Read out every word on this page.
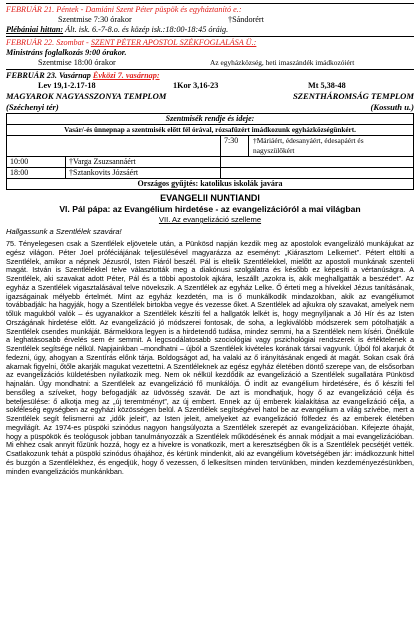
FEBRUÁR 21. Péntek - Damiáni Szent Péter püspök és egyháztanító e.:
Szentmise 7:30 órakor	†Sándorért
Plébániai hittan: Ált. isk. 6.-7-8.o. és közép isk.:18:00-18:45 óráig.
FEBRUÁR 22. Szombat - SZENT PÉTER APOSTOL SZÉKFOGLALÁSA Ü.:
Ministráns foglalkozás 9:00 órakor.
Szentmise 18:00 órakor	Az egyházközség, heti imaszándék imádkozóiért
FEBRUÁR 23. Vasárnap Évközi 7. vasárnap:
Lev 19,1-2.17-18	1Kor 3,16-23	Mt 5,38-48
MAGYAROK NAGYASSZONYA TEMPLOM	SZENTHÁROMSÁG TEMPLOM
(Széchenyi tér)	(Kossuth u.)
Szentmisék rendje és ideje:		
Vasár/-és ünnepnap a szentmisék előtt fél órával, rózsafüzért imádkozunk egyházközségünkért.		

		7:30 †Máriáért, édesanyáért, édesapáért és
nagyszülőkért

10:00	†Varga Zsuzsannáért	
18:00	†Sztankovits Józsáért	
Országos gyűjtés: katolikus iskolák javára		
EVANGELII NUNTIANDI
VI. Pál pápa: az Evangélium hirdetése - az evangelizációról a mai világban
VII. Az evangelizáció szelleme
Hallgassunk a Szentlélek szavára!
75. Tényelegesen csak a Szentlélek eljövetele után, a Pünkösd napján kezdik meg az apostolok evangelizáló munkájukat az egész világon. Péter Joel próféciájának teljesülésével magyarázza az eseményt: „Kiárasztom Lelkemet”. Pétert eltölti a Szentlélek, amikor a népnek Jézusról, Isten Fiáról beszél. Pál is eltelik Szentlélekkel, mielőtt az apostoli munkának szenteli magát. István is Szentlélekkel telve választották meg a diakónusi szolgálatra és később ez képesíti a vértanúságra. A Szentlélek, aki szavakat adott Péter, Pál és a többi apostolok ajkára, leszállt „azokra is, akik meghallgatták a beszédet”. Az egyház a Szentlélek vigasztalásával telve növekszik. A Szentlélek az egyház Lelke. Ő érteti meg a hívekkel Jézus tanításának, igazságainak mélyebb értelmét. Mint az egyház kezdetén, ma is ő munkálkodik mindazokban, akik az evangéliumot továbbadják: ha hagyják, hogy a Szentlélek birtokba vegye és vezesse őket. A Szentlélek ad ajkukra oly szavakat, amelyek nem tőlük magukból valók – és ugyanakkor a Szentlélek készíti fel a hallgatók lelkét is, hogy megnyíljanak a Jó Hír és az Isten Országának hirdetése előtt. Az evangelizáció jó módszerei fontosak, de soha, a legkiválóbb módszerek sem pótolhatják a Szentlélek csendes munkáját. Bármekkora legyen is a hirdetendő tudása, mindez semmi, ha a Szentlélek nem kíséri. Önélküle a leghatásosabb érvelés sem ér semmit. A legcsodálatosabb szociológiai vagy pszichológiai rendszerek is értéktelenek a Szentlélek segítsége nélkül. Napjainkban –mondhatni – újból a Szentlélek kivételes korának társai vagyunk. Újból föl akarjuk őt fedezni, úgy, ahogyan a Szentírás előnk tárja. Boldogságot ad, ha valaki az ő irányításának engedi át magát. Sokan csak őrá akarnak figyelni, őtőle akarják magukat vezettetni. A Szentléleknek az egész egyház életében döntő szerepe van, de elsősorban az evangelizációs küldetésben nyilatkozik meg. Nem ok nélkül kezdődik az evangelizáció a Szentlélek sugallatára Pünkösd hajnalán. Úgy mondhatni: a Szentlélek az evangelizáció fő munkálója. Ő indít az evangélium hirdetésére, és ő készíti fel bensőleg a szíveket, hogy befogadják az üdvösség szavát. De azt is mondhatjuk, hogy ő az evangelizáció célja és beteljesülése: ő alkotja meg az „új teremtményt”, az új embert. Ennek az új emberek kialakítása az evangelizáció célja, a sokféleség egységben az egyházi közösségen belül. A Szentlélek segítségével hatol be az evangélium a világ szívébe, mert a Szentlélek segít felismerni az „idők jeleit”, az Isten jeleit, amelyeket az evangelizáció fölfedez és az emberek életében megvilágít. Az 1974-es püspöki szinódus nagyon hangsúlyozta a Szentlélek szerepét az evangelizációban. Kifejezte óhaját, hogy a püspökök és teológusok jobban tanulmányozzák a Szentlélek működésének és annak módjait a mai evangelizációban. Mi ehhez csak annyit fűzünk hozzá, hogy ez a hivekre is vonatkozik, mert a keresztségben ők is a Szentlélek pecsétjét vették. Csatlakozunk tehát a püspöki szinódus óhajához, és kérünk mindenkit, aki az evangélium követségében jár: imádkozzunk hittel és buzgón a Szentlélekhez, és engedjük, hogy ő vezessen, ő lelkesítsen minden tervünkben, minden kezdeményezésünkben, minden evangelizációs munkánkban.
